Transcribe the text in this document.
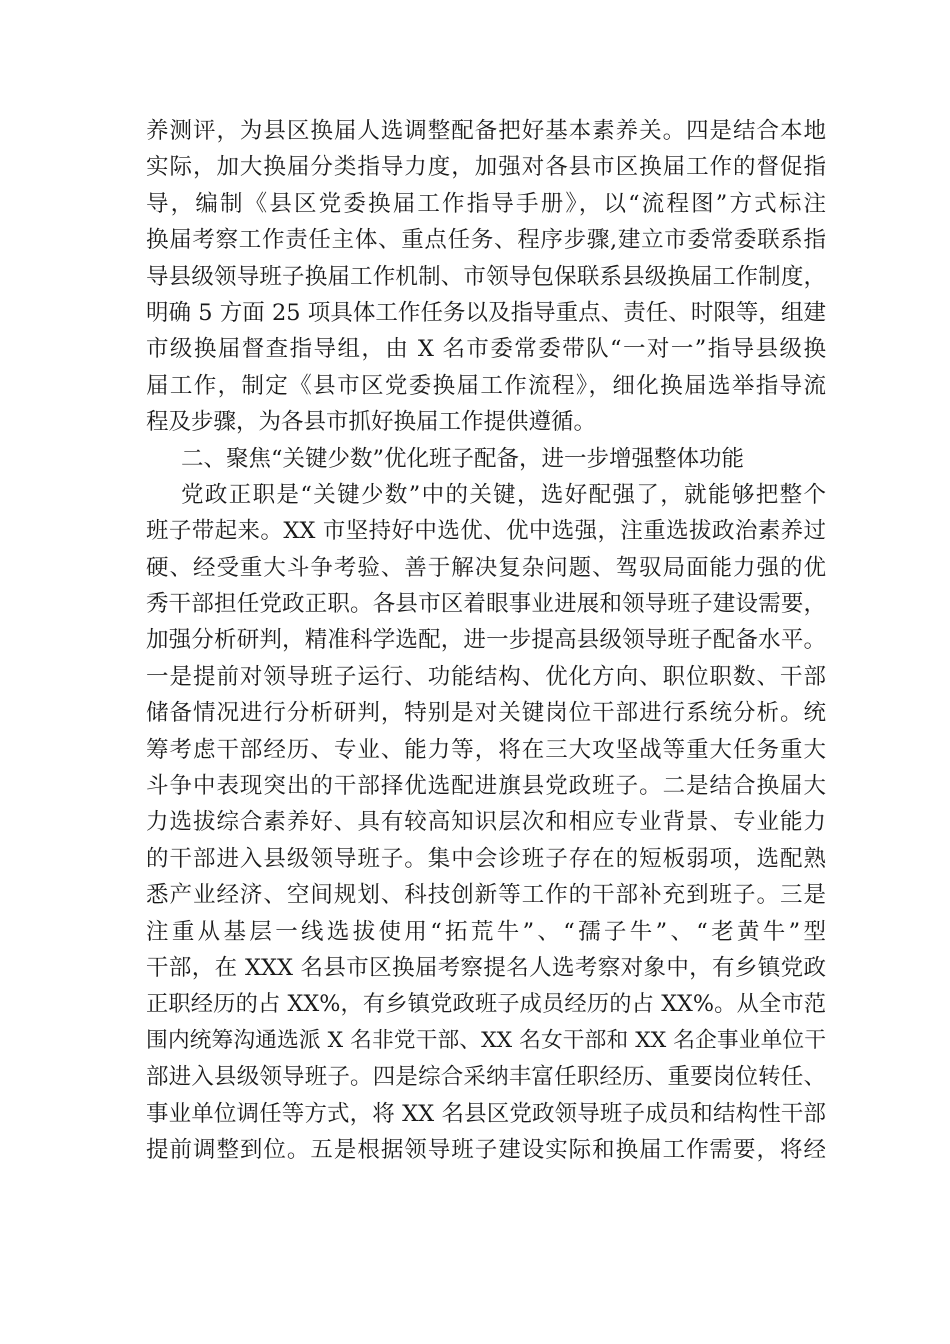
养测评，为县区换届人选调整配备把好基本素养关。四是结合本地
实际，加大换届分类指导力度，加强对各县市区换届工作的督促指
导，编制《县区党委换届工作指导手册》，以“流程图”方式标注
换届考察工作责任主体、重点任务、程序步骤,建立市委常委联系指
导县级领导班子换届工作机制、市领导包保联系县级换届工作制度，
明确 5 方面 25 项具体工作任务以及指导重点、责任、时限等，组建
市级换届督查指导组，由 X 名市委常委带队“一对一”指导县级换
届工作，制定《县市区党委换届工作流程》，细化换届选举指导流
程及步骤，为各县市抓好换届工作提供遵循。
二、聚焦“关键少数”优化班子配备，进一步增强整体功能
党政正职是“关键少数”中的关键，选好配强了，就能够把整个
班子带起来。XX 市坚持好中选优、优中选强，注重选拔政治素养过
硬、经受重大斗争考验、善于解决复杂问题、驾驭局面能力强的优
秀干部担任党政正职。各县市区着眼事业进展和领导班子建设需要，
加强分析研判，精准科学选配，进一步提高县级领导班子配备水平。
一是提前对领导班子运行、功能结构、优化方向、职位职数、干部
储备情况进行分析研判，特别是对关键岗位干部进行系统分析。统
筹考虑干部经历、专业、能力等，将在三大攻坚战等重大任务重大
斗争中表现突出的干部择优选配进旗县党政班子。二是结合换届大
力选拔综合素养好、具有较高知识层次和相应专业背景、专业能力
的干部进入县级领导班子。集中会诊班子存在的短板弱项，选配熟
悉产业经济、空间规划、科技创新等工作的干部补充到班子。三是
注重从基层一线选拔使用“拓荒牛”、“孺子牛”、“老黄牛”型
干部，在 XXX 名县市区换届考察提名人选考察对象中，有乡镇党政
正职经历的占 XX%，有乡镇党政班子成员经历的占 XX%。从全市范
围内统筹沟通选派 X 名非党干部、XX 名女干部和 XX 名企事业单位干
部进入县级领导班子。四是综合采纳丰富任职经历、重要岗位转任、
事业单位调任等方式，将 XX 名县区党政领导班子成员和结构性干部
提前调整到位。五是根据领导班子建设实际和换届工作需要，将经
